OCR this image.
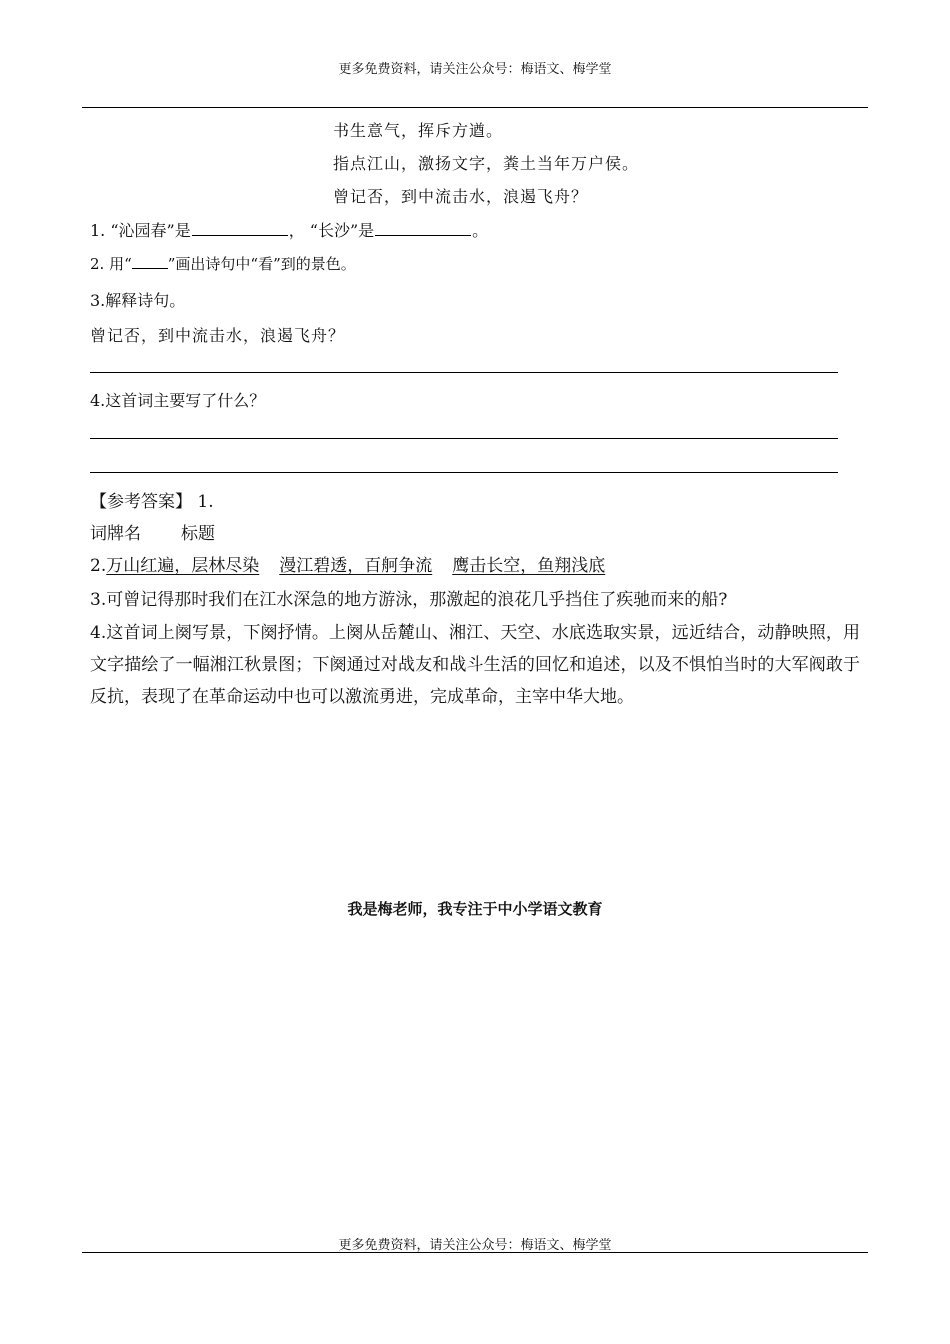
更多免费资料，请关注公众号：梅语文、梅学堂
书生意气，挥斥方遒。
指点江山，激扬文字，粪土当年万户侯。
曾记否，到中流击水，浪遏飞舟？
1. “沁园春”是	， “长沙”是	。
2. 用“ ”画出诗句中“看”到的景色。
3.解释诗句。
曾记否，到中流击水，浪遏飞舟？
4.这首词主要写了什么？
【参考答案】 1.
词牌名 标题
2.万山红遍，层林尽染 漫江碧透，百舸争流 鹰击长空，鱼翔浅底
3.可曾记得那时我们在江水深急的地方游泳，那激起的浪花几乎挡住了疾驰而来的船?
4.这首词上阕写景，下阕抒情。上阕从岳麓山、湘江、天空、水底选取实景，远近结合，动静映照，用文字描绘了一幅湘江秋景图；下阕通过对战友和战斗生活的回忆和追述，以及不惧怕当时的大军阀敢于反抗，表现了在革命运动中也可以激流勇进，完成革命，主宰中华大地。
我是梅老师，我专注于中小学语文教育
更多免费资料，请关注公众号：梅语文、梅学堂
